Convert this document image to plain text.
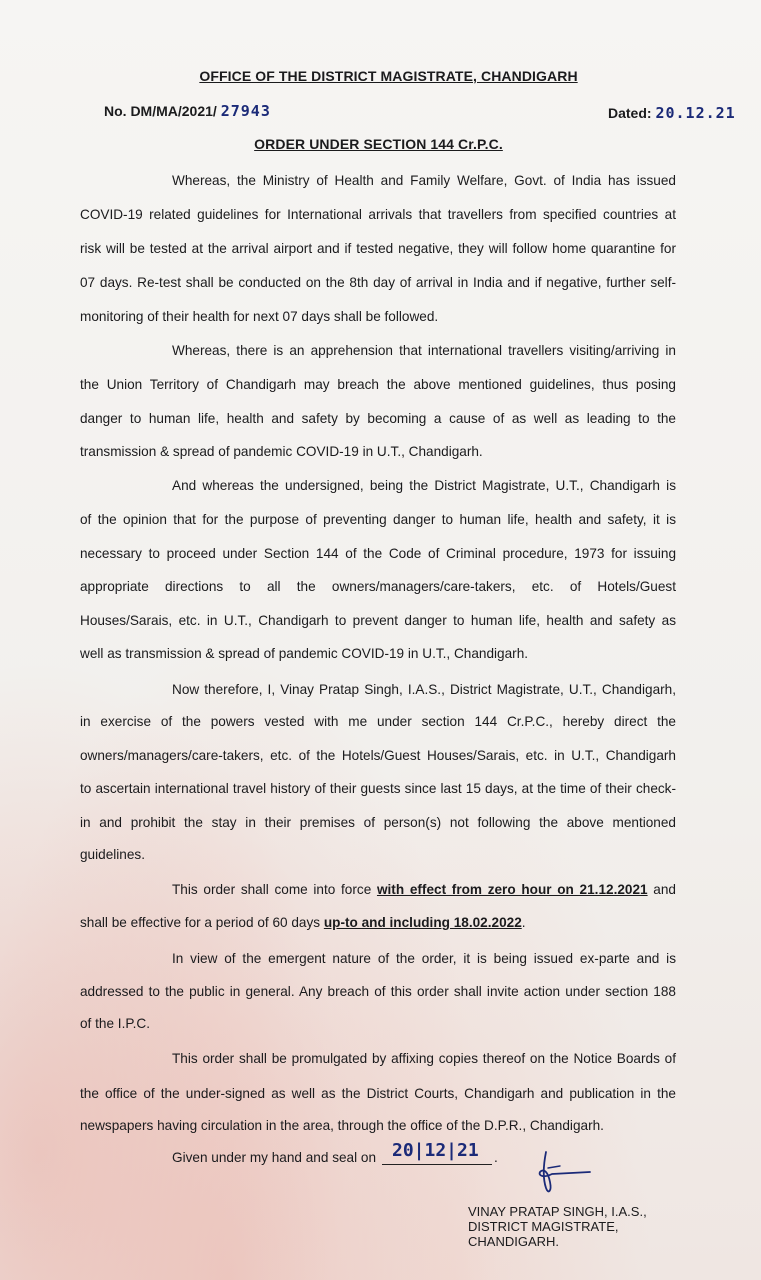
OFFICE OF THE DISTRICT MAGISTRATE, CHANDIGARH
No. DM/MA/2021/ 27943	Dated: 20.12.21
ORDER UNDER SECTION 144 Cr.P.C.
Whereas, the Ministry of Health and Family Welfare, Govt. of India has issued
COVID-19 related guidelines for International arrivals that travellers from specified countries at
risk will be tested at the arrival airport and if tested negative, they will follow home quarantine for
07 days. Re-test shall be conducted on the 8th day of arrival in India and if negative, further self-
monitoring of their health for next 07 days shall be followed.
Whereas, there is an apprehension that international travellers visiting/arriving in
the Union Territory of Chandigarh may breach the above mentioned guidelines, thus posing
danger to human life, health and safety by becoming a cause of as well as leading to the
transmission & spread of pandemic COVID-19 in U.T., Chandigarh.
And whereas the undersigned, being the District Magistrate, U.T., Chandigarh is
of the opinion that for the purpose of preventing danger to human life, health and safety, it is
necessary to proceed under Section 144 of the Code of Criminal procedure, 1973 for issuing
appropriate directions to all the owners/managers/care-takers, etc. of Hotels/Guest
Houses/Sarais, etc. in U.T., Chandigarh to prevent danger to human life, health and safety as
well as transmission & spread of pandemic COVID-19 in U.T., Chandigarh.
Now therefore, I, Vinay Pratap Singh, I.A.S., District Magistrate, U.T., Chandigarh,
in exercise of the powers vested with me under section 144 Cr.P.C., hereby direct the
owners/managers/care-takers, etc. of the Hotels/Guest Houses/Sarais, etc. in U.T., Chandigarh
to ascertain international travel history of their guests since last 15 days, at the time of their check-
in and prohibit the stay in their premises of person(s) not following the above mentioned
guidelines.
This order shall come into force with effect from zero hour on 21.12.2021 and
shall be effective for a period of 60 days up-to and including 18.02.2022.
In view of the emergent nature of the order, it is being issued ex-parte and is
addressed to the public in general. Any breach of this order shall invite action under section 188
of the I.P.C.
This order shall be promulgated by affixing copies thereof on the Notice Boards of
the office of the under-signed as well as the District Courts, Chandigarh and publication in the
newspapers having circulation in the area, through the office of the D.P.R., Chandigarh.
Given under my hand and seal on 20|12|21 .
VINAY PRATAP SINGH, I.A.S.,
DISTRICT MAGISTRATE,
CHANDIGARH.
